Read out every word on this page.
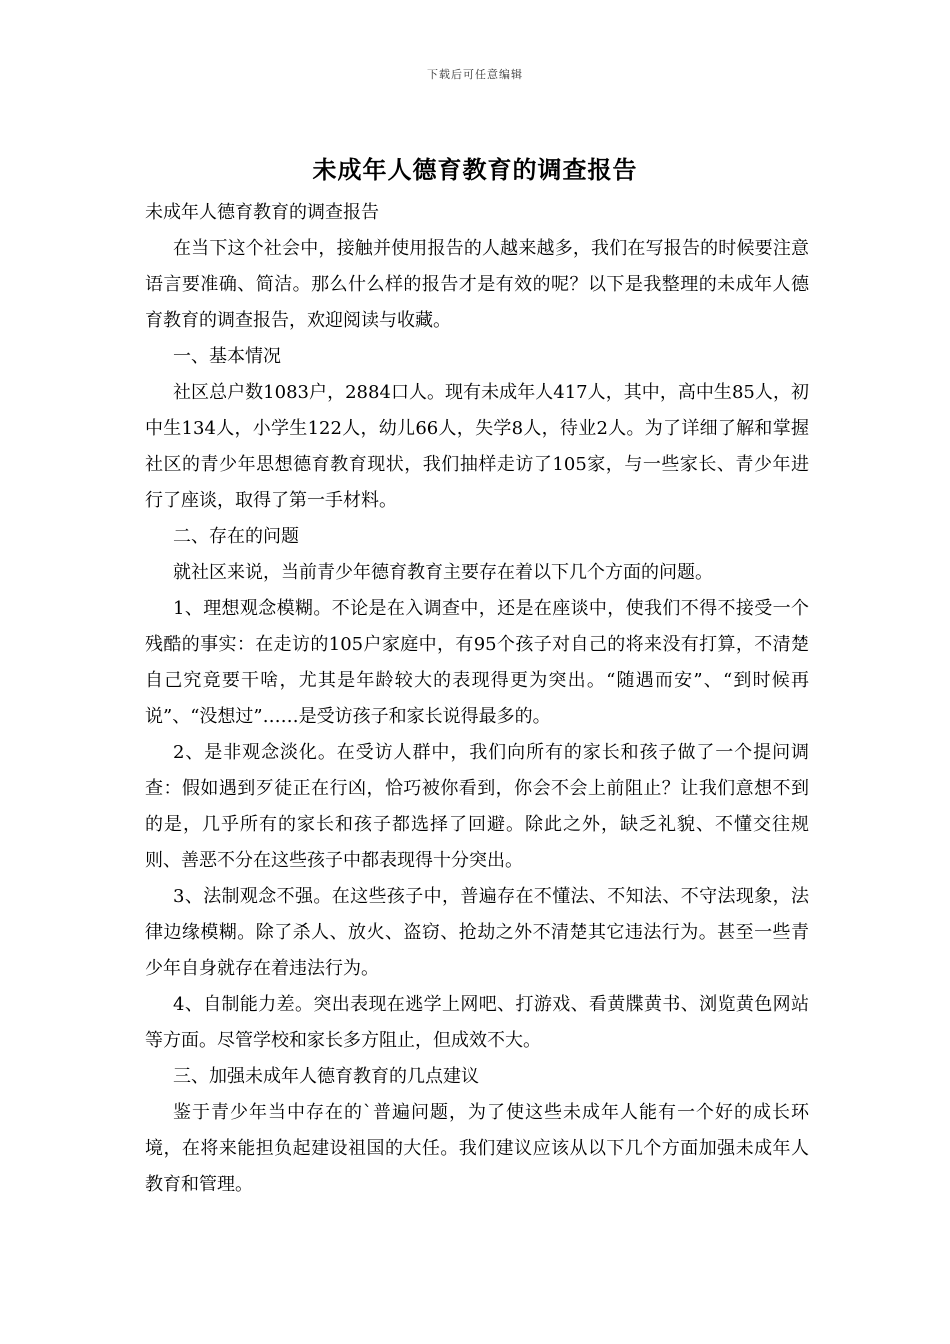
下载后可任意编辑
未成年人德育教育的调查报告

未成年人德育教育的调查报告

在当下这个社会中，接触并使用报告的人越来越多，我们在写报告的时候要注意语言要准确、简洁。那么什么样的报告才是有效的呢？以下是我整理的未成年人德育教育的调查报告，欢迎阅读与收藏。

一、基本情况

社区总户数1083户，2884口人。现有未成年人417人，其中，高中生85人，初中生134人，小学生122人，幼儿66人，失学8人，待业2人。为了详细了解和掌握社区的青少年思想德育教育现状，我们抽样走访了105家，与一些家长、青少年进行了座谈，取得了第一手材料。

二、存在的问题

就社区来说，当前青少年德育教育主要存在着以下几个方面的问题。

1、理想观念模糊。不论是在入调查中，还是在座谈中，使我们不得不接受一个残酷的事实：在走访的105户家庭中，有95个孩子对自己的将来没有打算，不清楚自己究竟要干啥，尤其是年龄较大的表现得更为突出。“随遇而安”、“到时候再说”、“没想过”……是受访孩子和家长说得最多的。

2、是非观念淡化。在受访人群中，我们向所有的家长和孩子做了一个提问调查：假如遇到歹徒正在行凶，恰巧被你看到，你会不会上前阻止？让我们意想不到的是，几乎所有的家长和孩子都选择了回避。除此之外，缺乏礼貌、不懂交往规则、善恶不分在这些孩子中都表现得十分突出。

3、法制观念不强。在这些孩子中，普遍存在不懂法、不知法、不守法现象，法律边缘模糊。除了杀人、放火、盗窃、抢劫之外不清楚其它违法行为。甚至一些青少年自身就存在着违法行为。

4、自制能力差。突出表现在逃学上网吧、打游戏、看黄牒黄书、浏览黄色网站等方面。尽管学校和家长多方阻止，但成效不大。

三、加强未成年人德育教育的几点建议

鉴于青少年当中存在的`普遍问题，为了使这些未成年人能有一个好的成长环境，在将来能担负起建设祖国的大任。我们建议应该从以下几个方面加强未成年人教育和管理。
